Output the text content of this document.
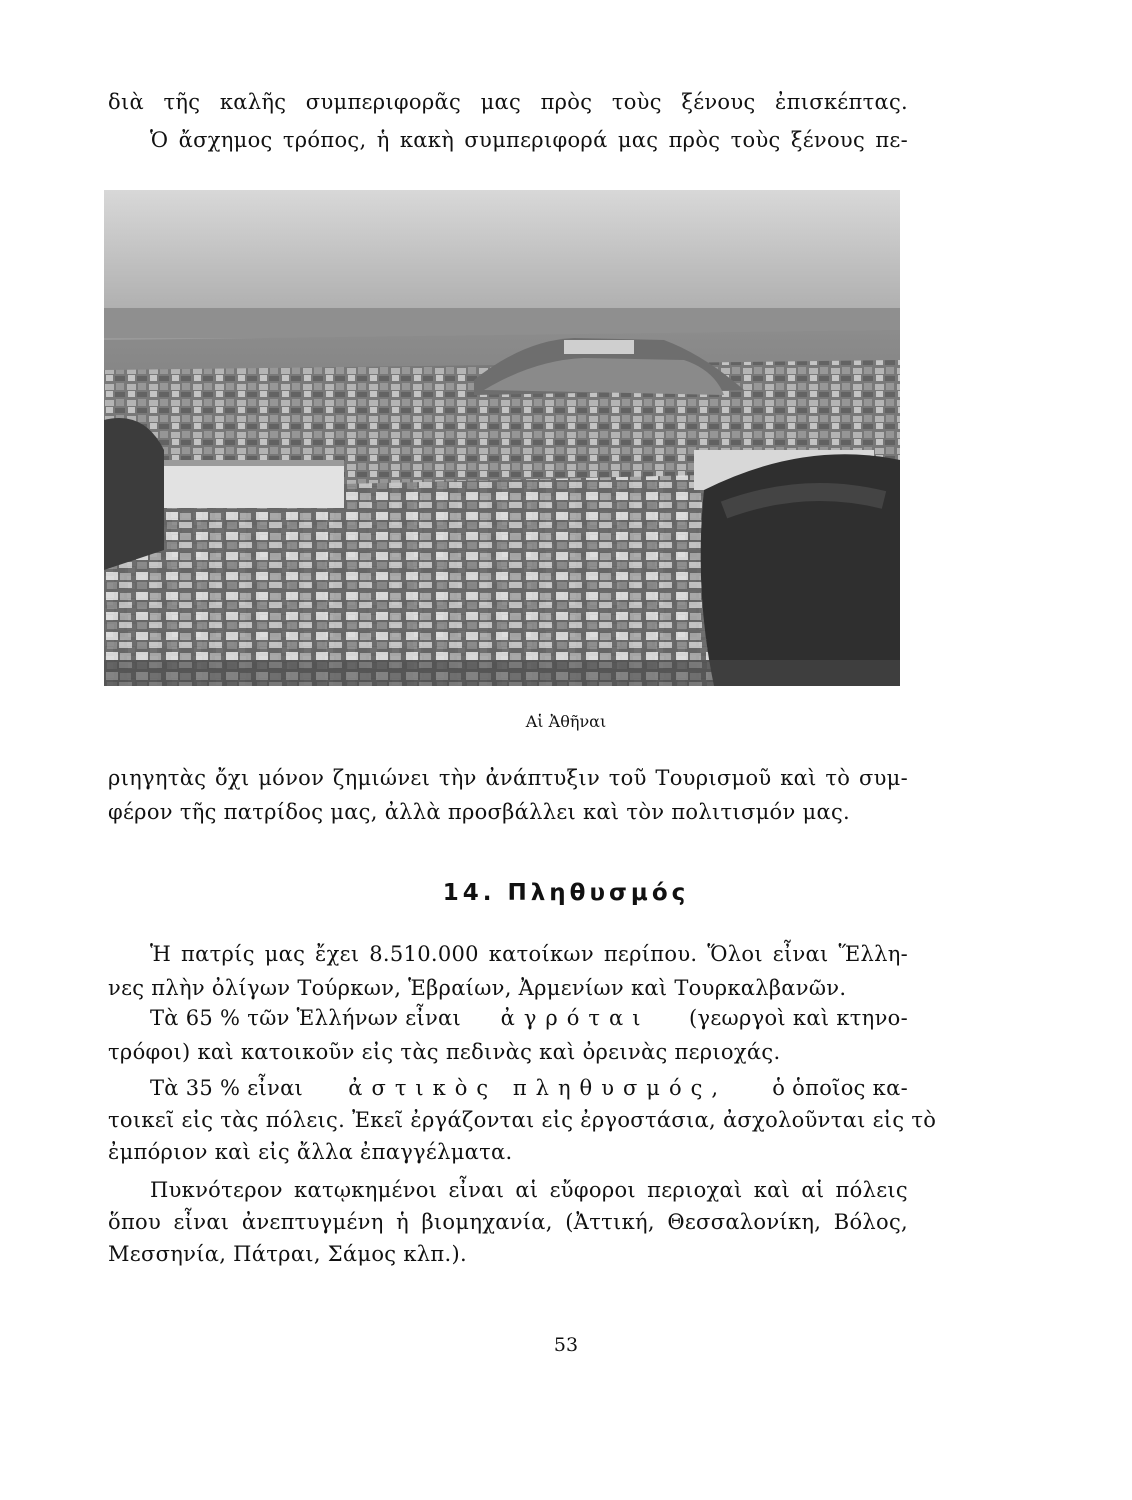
διὰ τῆς καλῆς συμπεριφορᾶς μας πρὸς τοὺς ξένους ἐπισκέπτας.
Ὁ ἄσχημος τρόπος, ἡ κακὴ συμπεριφορά μας πρὸς τοὺς ξένους πε-
Αἱ Ἀθῆναι
ριηγητὰς ὄχι μόνον ζημιώνει τὴν ἀνάπτυξιν τοῦ Τουρισμοῦ καὶ τὸ συμ-
φέρον τῆς πατρίδος μας, ἀλλὰ προσβάλλει καὶ τὸν πολιτισμόν μας.
14. Πληθυσμός
Ἡ πατρίς μας ἔχει 8.510.000 κατοίκων περίπου. Ὅλοι εἶναι Ἕλλη-
νες πλὴν ὀλίγων Τούρκων, Ἑβραίων, Ἀρμενίων καὶ Τουρκαλβανῶν.
Τὰ 65 % τῶν Ἑλλήνων εἶναι ἀγρόται (γεωργοὶ καὶ κτηνο-
τρόφοι) καὶ κατοικοῦν εἰς τὰς πεδινὰς καὶ ὀρεινὰς περιοχάς.
Τὰ 35 % εἶναι ἀστικὸς πληθυσμός, ὁ ὁποῖος κα-
τοικεῖ εἰς τὰς πόλεις. Ἐκεῖ ἐργάζονται εἰς ἐργοστάσια, ἀσχολοῦνται εἰς τὸ
ἐμπόριον καὶ εἰς ἄλλα ἐπαγγέλματα.
Πυκνότερον κατῳκημένοι εἶναι αἱ εὔφοροι περιοχαὶ καὶ αἱ πόλεις
ὅπου εἶναι ἀνεπτυγμένη ἡ βιομηχανία, (Ἀττική, Θεσσαλονίκη, Βόλος,
Μεσσηνία, Πάτραι, Σάμος κλπ.).
53
